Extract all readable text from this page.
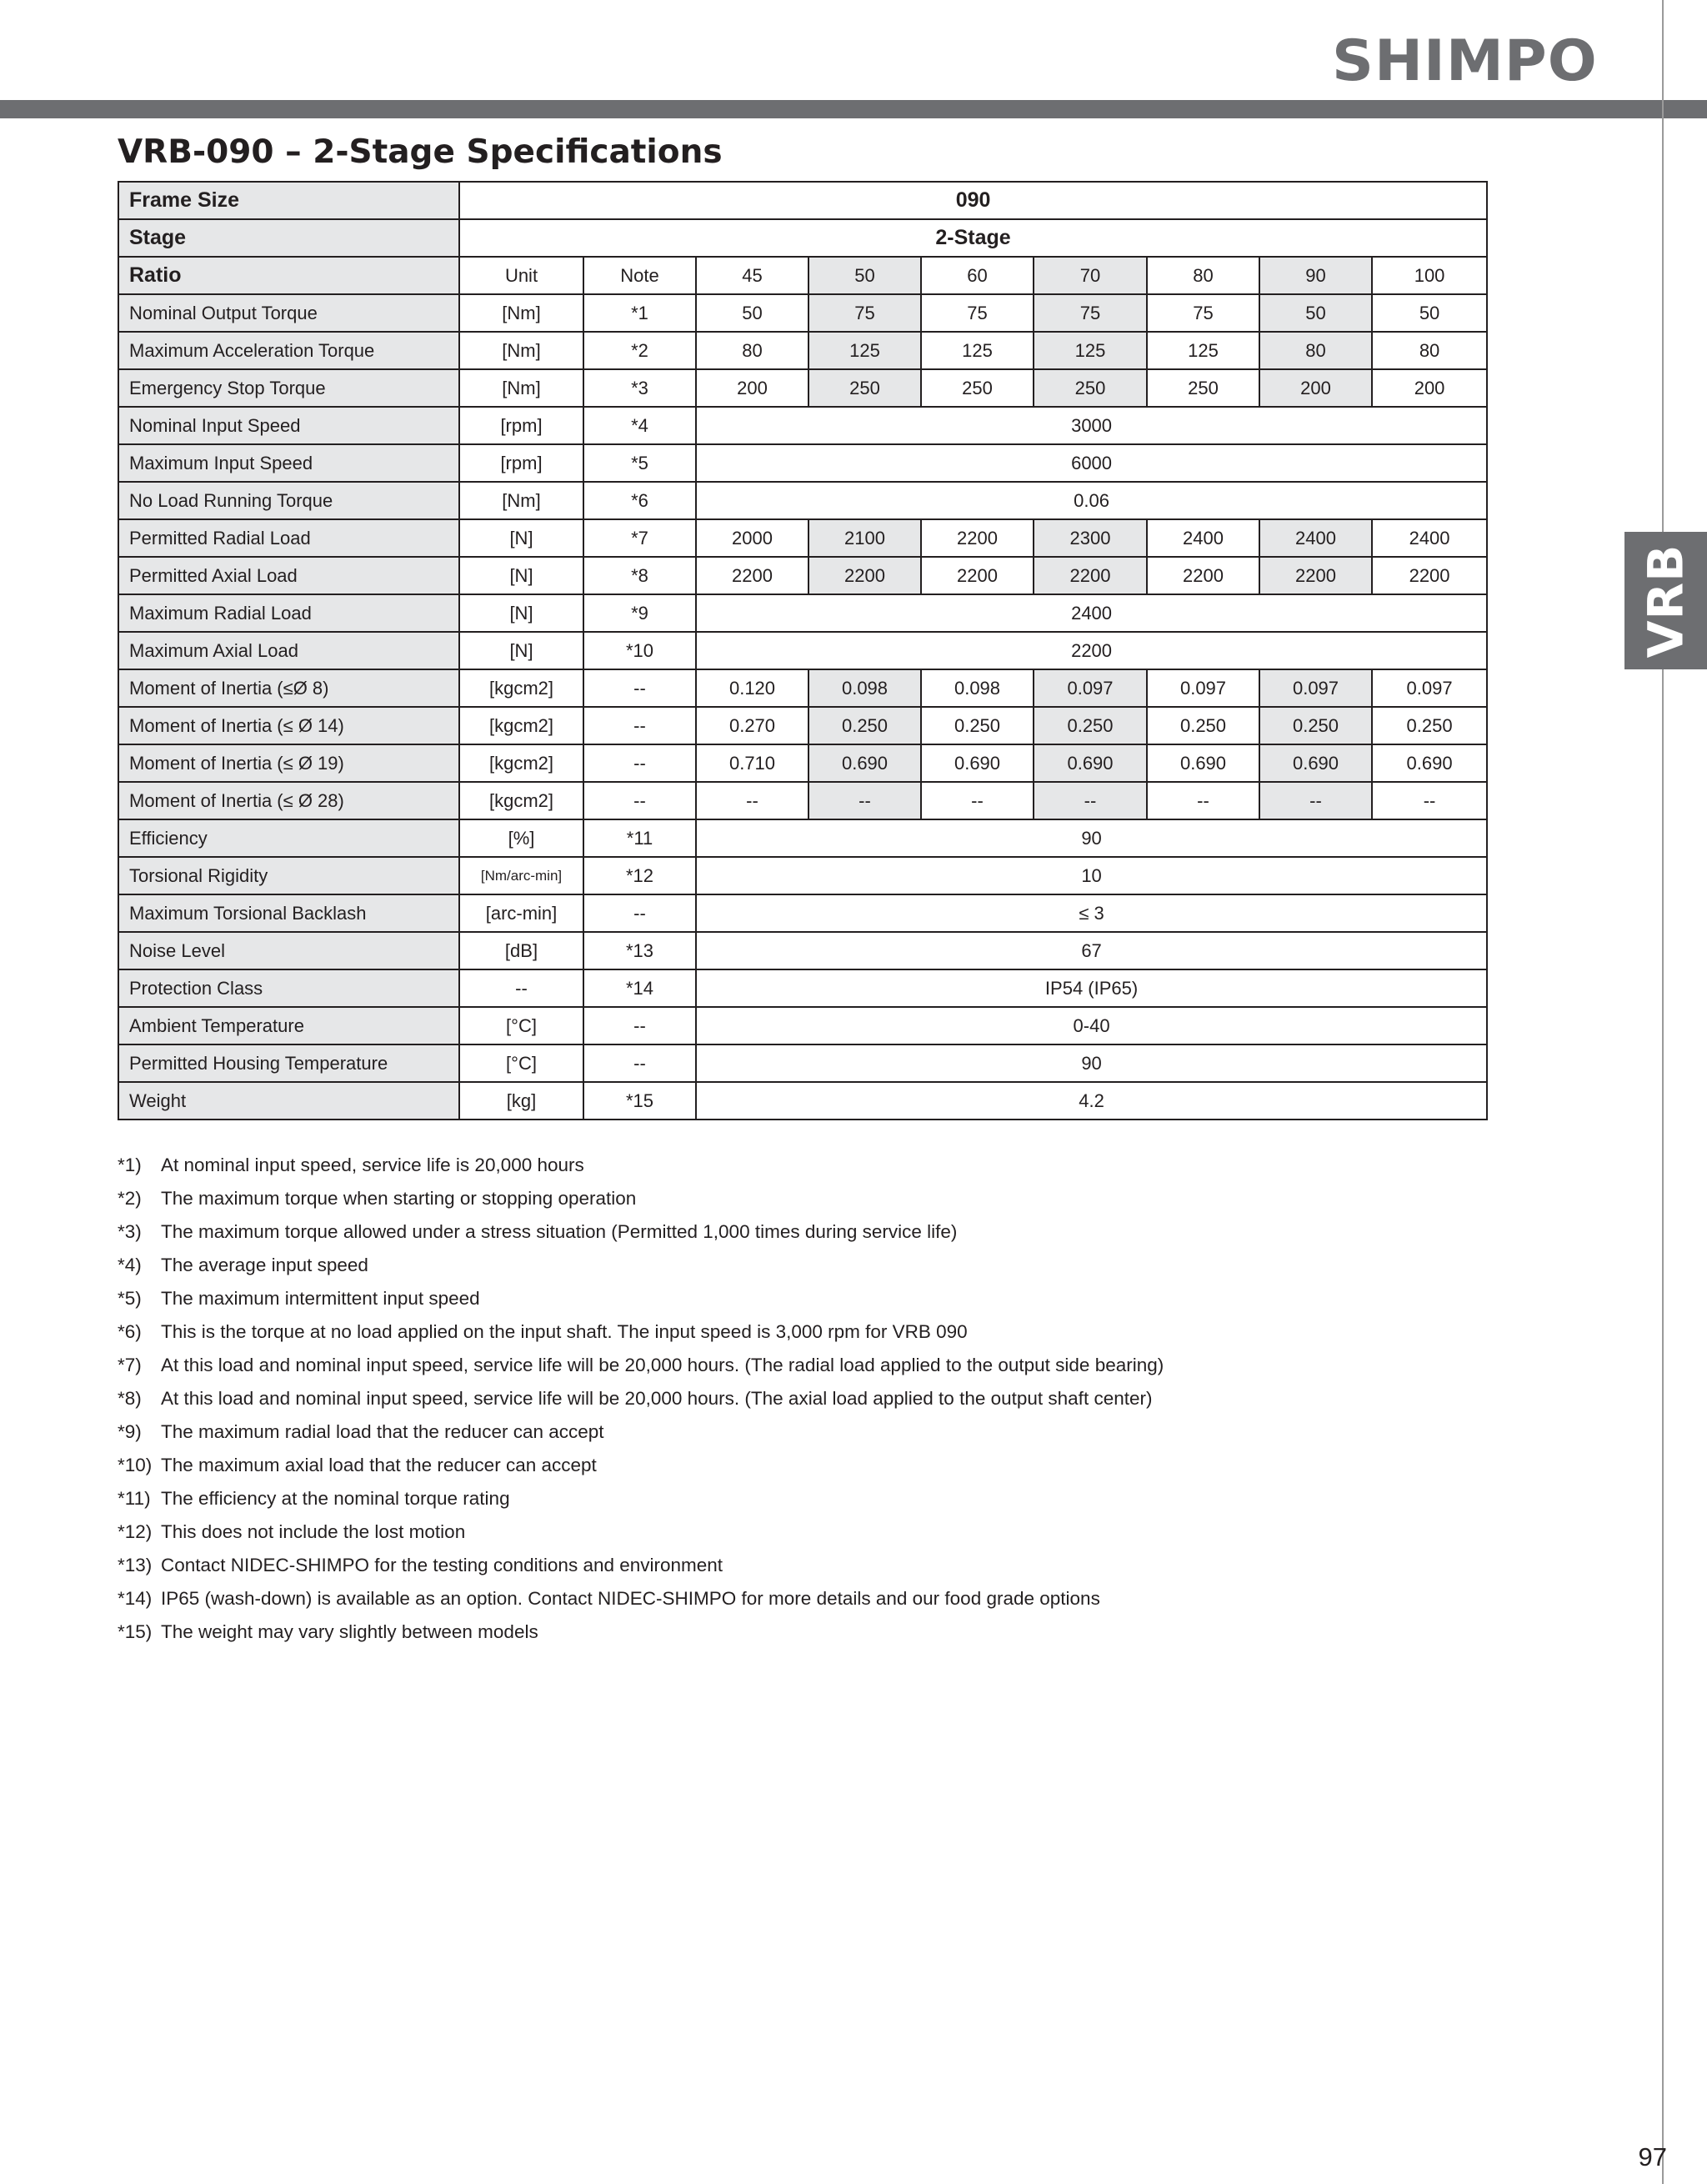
SHIMPO
VRB
VRB-090 – 2-Stage Specifications
Frame Size	090								
Stage	2-Stage								
Ratio	Unit	Note	45	50	60	70	80	90	100
Nominal Output Torque	[Nm]	*1	50	75	75	75	75	50	50
Maximum Acceleration Torque	[Nm]	*2	80	125	125	125	125	80	80
Emergency Stop Torque	[Nm]	*3	200	250	250	250	250	200	200
Nominal Input Speed	[rpm]	*4	3000						
Maximum Input Speed	[rpm]	*5	6000						
No Load Running Torque	[Nm]	*6	0.06						
Permitted Radial Load	[N]	*7	2000	2100	2200	2300	2400	2400	2400
Permitted Axial Load	[N]	*8	2200	2200	2200	2200	2200	2200	2200
Maximum Radial Load	[N]	*9	2400						
Maximum Axial Load	[N]	*10	2200						
Moment of Inertia (≤Ø 8)	[kgcm2]	--	0.120	0.098	0.098	0.097	0.097	0.097	0.097
Moment of Inertia (≤ Ø 14)	[kgcm2]	--	0.270	0.250	0.250	0.250	0.250	0.250	0.250
Moment of Inertia (≤ Ø 19)	[kgcm2]	--	0.710	0.690	0.690	0.690	0.690	0.690	0.690
Moment of Inertia (≤ Ø 28)	[kgcm2]	--	--	--	--	--	--	--	--
Efficiency	[%]	*11	90						
Torsional Rigidity	[Nm/arc-min]	*12	10						
Maximum Torsional Backlash	[arc-min]	--	≤ 3						
Noise Level	[dB]	*13	67						
Protection Class	--	*14	IP54 (IP65)						
Ambient Temperature	[°C]	--	0-40						
Permitted Housing Temperature	[°C]	--	90						
Weight	[kg]	*15	4.2						
*1)	At nominal input speed, service life is 20,000 hours
*2)	The maximum torque when starting or stopping operation
*3)	The maximum torque allowed under a stress situation (Permitted 1,000 times during service life)
*4)	The average input speed
*5)	The maximum intermittent input speed
*6)	This is the torque at no load applied on the input shaft. The input speed is 3,000 rpm for VRB 090
*7)	At this load and nominal input speed, service life will be 20,000 hours. (The radial load applied to the output side bearing)
*8)	At this load and nominal input speed, service life will be 20,000 hours. (The axial load applied to the output shaft center)
*9)	The maximum radial load that the reducer can accept
*10) The maximum axial load that the reducer can accept
*11) The efficiency at the nominal torque rating
*12) This does not include the lost motion
*13) Contact NIDEC-SHIMPO for the testing conditions and environment
*14) IP65 (wash-down) is available as an option. Contact NIDEC-SHIMPO for more details and our food grade options
*15) The weight may vary slightly between models
97
